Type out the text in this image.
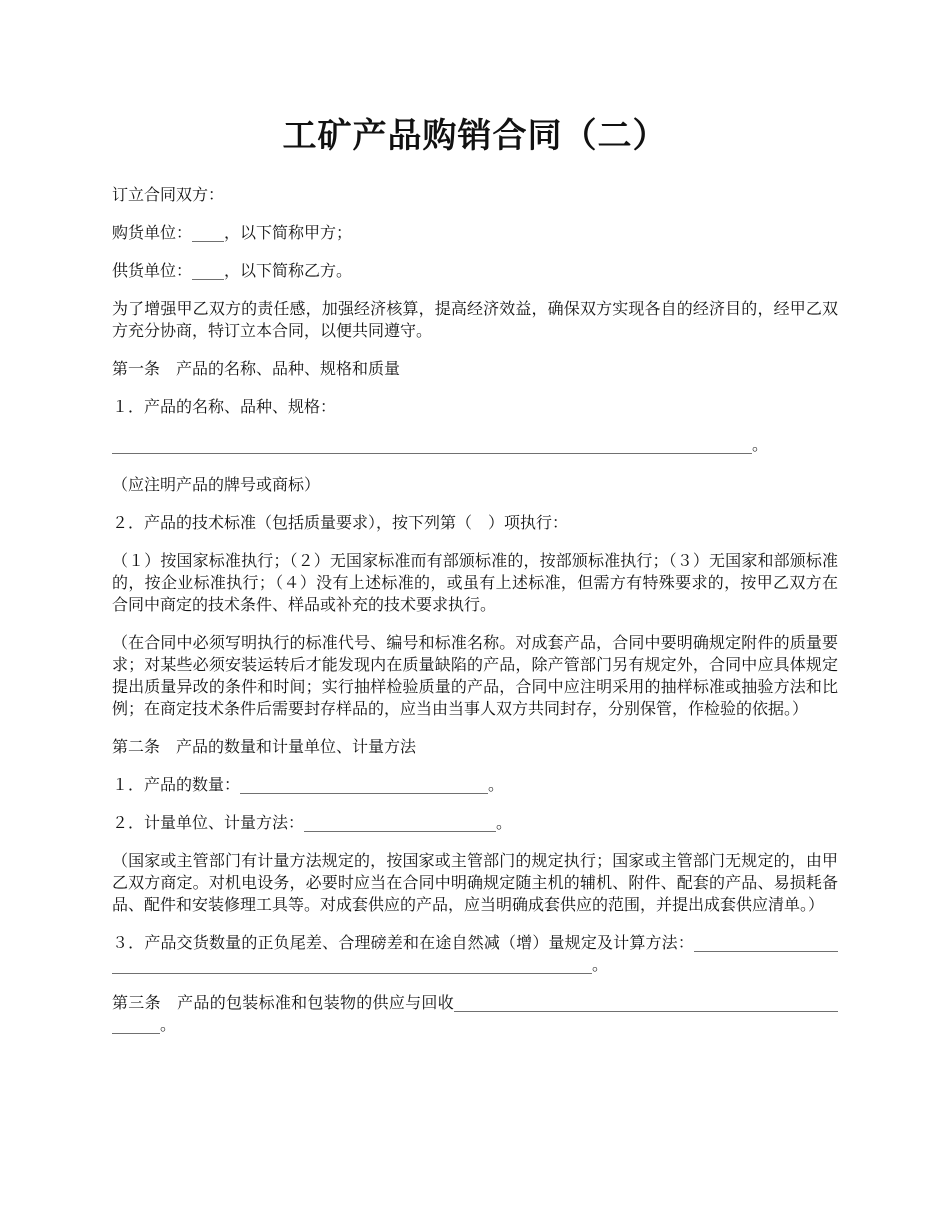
工矿产品购销合同（二）

订立合同双方：

购货单位：____，以下简称甲方；

供货单位：____，以下简称乙方。

为了增强甲乙双方的责任感，加强经济核算，提高经济效益，确保双方实现各自的经济目的，经甲乙双方充分协商，特订立本合同，以便共同遵守。

第一条　产品的名称、品种、规格和质量

１．产品的名称、品种、规格：

________________________________________________________________________________。

（应注明产品的牌号或商标）

２．产品的技术标准（包括质量要求），按下列第（　）项执行：

（１）按国家标准执行；（２）无国家标准而有部颁标准的，按部颁标准执行；（３）无国家和部颁标准的，按企业标准执行；（４）没有上述标准的，或虽有上述标准，但需方有特殊要求的，按甲乙双方在合同中商定的技术条件、样品或补充的技术要求执行。

（在合同中必须写明执行的标准代号、编号和标准名称。对成套产品，合同中要明确规定附件的质量要求；对某些必须安装运转后才能发现内在质量缺陷的产品，除产管部门另有规定外，合同中应具体规定提出质量异改的条件和时间；实行抽样检验质量的产品，合同中应注明采用的抽样标准或抽验方法和比例；在商定技术条件后需要封存样品的，应当由当事人双方共同封存，分别保管，作检验的依据。）

第二条　产品的数量和计量单位、计量方法

１．产品的数量：_______________________________。

２．计量单位、计量方法：________________________。

（国家或主管部门有计量方法规定的，按国家或主管部门的规定执行；国家或主管部门无规定的，由甲乙双方商定。对机电设务，必要时应当在合同中明确规定随主机的辅机、附件、配套的产品、易损耗备品、配件和安装修理工具等。对成套供应的产品，应当明确成套供应的范围，并提出成套供应清单。）

３．产品交货数量的正负尾差、合理磅差和在途自然减（增）量规定及计算方法：______________________________________________________________________________。

第三条　产品的包装标准和包装物的供应与回收______________________________________________________。
